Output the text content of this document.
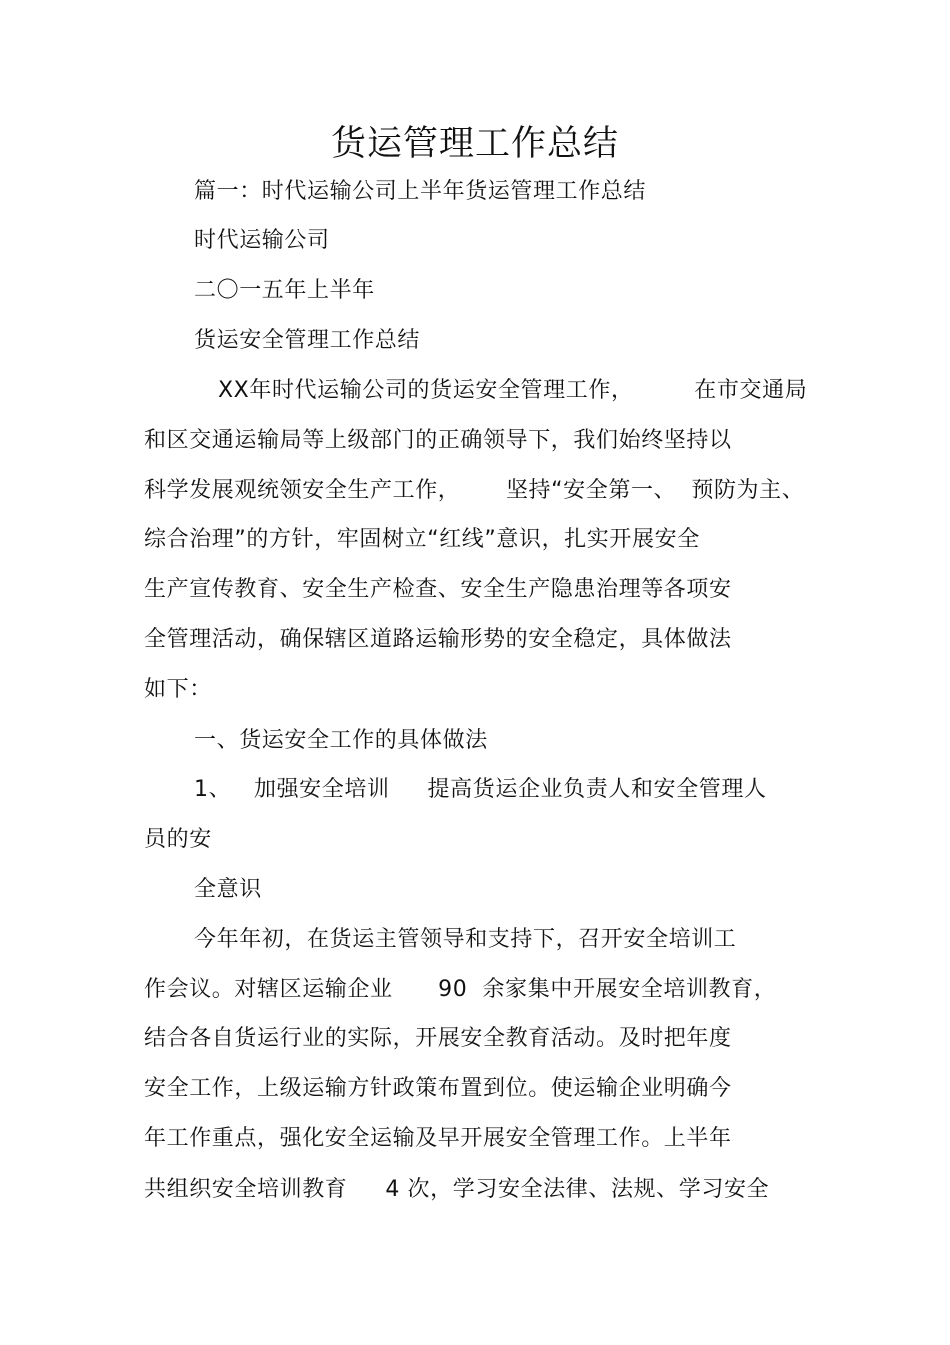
货运管理工作总结
篇一：时代运输公司上半年货运管理工作总结
时代运输公司
二〇一五年上半年
货运安全管理工作总结
XX年时代运输公司的货运安全管理工作，        在市交通局
和区交通运输局等上级部门的正确领导下，我们始终坚持以
科学发展观统领安全生产工作，      坚持“安全第一、  预防为主、
综合治理”的方针，牢固树立“红线”意识，扎实开展安全
生产宣传教育、安全生产检查、安全生产隐患治理等各项安
全管理活动，确保辖区道路运输形势的安全稳定，具体做法
如下：
一、货运安全工作的具体做法
1、   加强安全培训     提高货运企业负责人和安全管理人
员的安
全意识
今年年初，在货运主管领导和支持下，召开安全培训工
作会议。对辖区运输企业      90  余家集中开展安全培训教育，
结合各自货运行业的实际，开展安全教育活动。及时把年度
安全工作，上级运输方针政策布置到位。使运输企业明确今
年工作重点，强化安全运输及早开展安全管理工作。上半年
共组织安全培训教育     4 次，学习安全法律、法规、学习安全
